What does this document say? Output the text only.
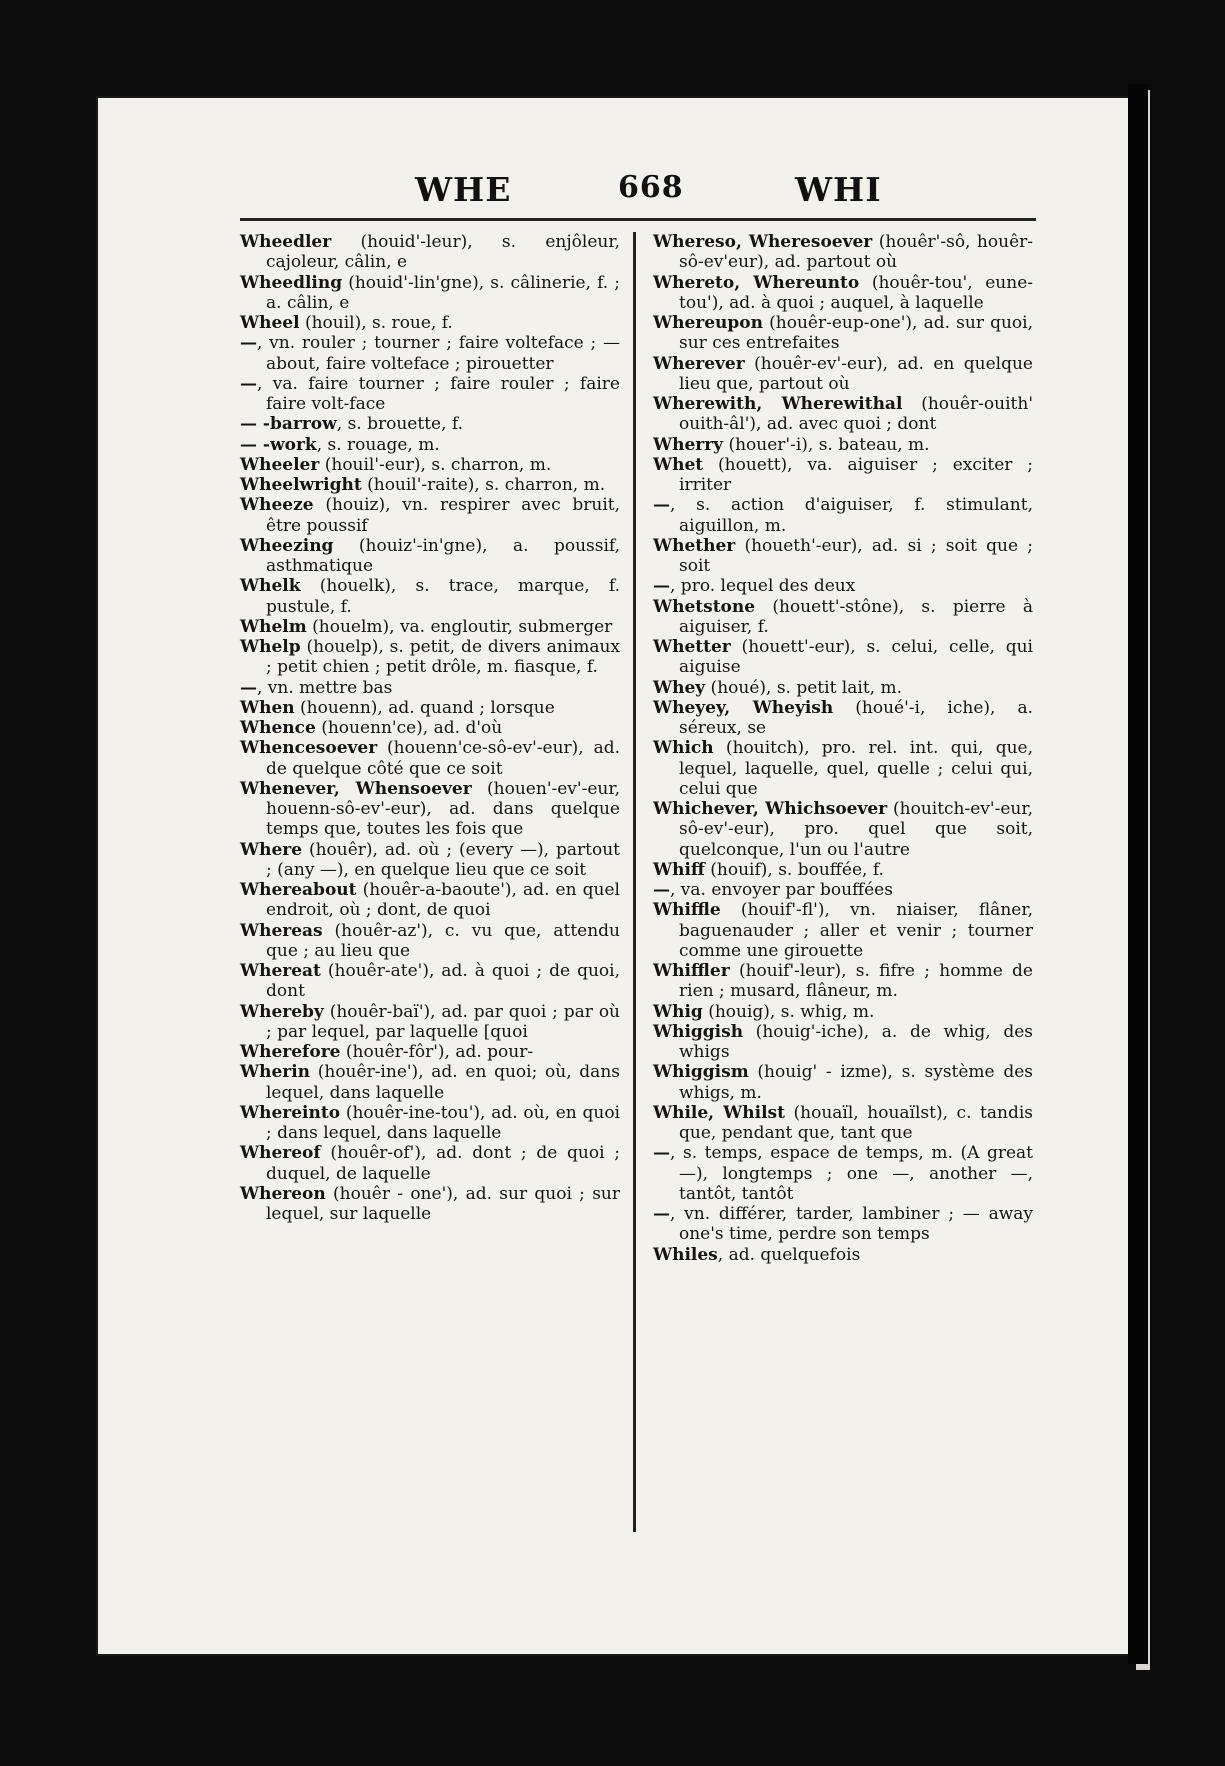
WHE	668	WHI

Wheedler (houid'-leur), s. enjôleur, cajoleur, câlin, e

Wheedling (houid'-lin'gne), s. câlinerie, f. ; a. câlin, e

Wheel (houil), s. roue, f.

—, vn. rouler ; tourner ; faire volteface ; — about, faire volteface ; pirouetter

—, va. faire tourner ; faire rouler ; faire faire volt-face

— -barrow, s. brouette, f.

— -work, s. rouage, m.

Wheeler (houil'-eur), s. charron, m.

Wheelwright (houil'-raite), s. charron, m.

Wheeze (houiz), vn. respirer avec bruit, être poussif

Wheezing (houiz'-in'gne), a. poussif, asthmatique

Whelk (houelk), s. trace, marque, f. pustule, f.

Whelm (houelm), va. engloutir, submerger

Whelp (houelp), s. petit, de divers animaux ; petit chien ; petit drôle, m. fiasque, f.

—, vn. mettre bas

When (houenn), ad. quand ; lorsque

Whence (houenn'ce), ad. d'où

Whencesoever (houenn'ce-sô-ev'-eur), ad. de quelque côté que ce soit

Whenever, Whensoever (houen'-ev'-eur, houenn-sô-ev'-eur), ad. dans quelque temps que, toutes les fois que

Where (houêr), ad. où ; (every —), partout ; (any —), en quelque lieu que ce soit

Whereabout (houêr-a-baoute'), ad. en quel endroit, où ; dont, de quoi

Whereas (houêr-az'), c. vu que, attendu que ; au lieu que

Whereat (houêr-ate'), ad. à quoi ; de quoi, dont

Whereby (houêr-baï'), ad. par quoi ; par où ; par lequel, par laquelle [quoi

Wherefore (houêr-fôr'), ad. pour-

Wherin (houêr-ine'), ad. en quoi; où, dans lequel, dans laquelle

Whereinto (houêr-ine-tou'), ad. où, en quoi ; dans lequel, dans laquelle

Whereof (houêr-of'), ad. dont ; de quoi ; duquel, de laquelle

Whereon (houêr - one'), ad. sur quoi ; sur lequel, sur laquelle

Whereso, Wheresoever (houêr'-sô, houêr-sô-ev'eur), ad. partout où

Whereto, Whereunto (houêr-tou', eune-tou'), ad. à quoi ; auquel, à laquelle

Whereupon (houêr-eup-one'), ad. sur quoi, sur ces entrefaites

Wherever (houêr-ev'-eur), ad. en quelque lieu que, partout où

Wherewith, Wherewithal (houêr-ouith' ouith-âl'), ad. avec quoi ; dont

Wherry (houer'-i), s. bateau, m.

Whet (houett), va. aiguiser ; exciter ; irriter

—, s. action d'aiguiser, f. stimulant, aiguillon, m.

Whether (houeth'-eur), ad. si ; soit que ; soit

—, pro. lequel des deux

Whetstone (houett'-stône), s. pierre à aiguiser, f.

Whetter (houett'-eur), s. celui, celle, qui aiguise

Whey (houé), s. petit lait, m.

Wheyey, Wheyish (houé'-i, iche), a. séreux, se

Which (houitch), pro. rel. int. qui, que, lequel, laquelle, quel, quelle ; celui qui, celui que

Whichever, Whichsoever (houitch-ev'-eur, sô-ev'-eur), pro. quel que soit, quelconque, l'un ou l'autre

Whiff (houif), s. bouffée, f.

—, va. envoyer par bouffées

Whiffle (houif'-fl'), vn. niaiser, flâner, baguenauder ; aller et venir ; tourner comme une girouette

Whiffler (houif'-leur), s. fifre ; homme de rien ; musard, flâneur, m.

Whig (houig), s. whig, m.

Whiggish (houig'-iche), a. de whig, des whigs

Whiggism (houig' - izme), s. système des whigs, m.

While, Whilst (houaïl, houaïlst), c. tandis que, pendant que, tant que

—, s. temps, espace de temps, m. (A great —), longtemps ; one —, another —, tantôt, tantôt

—, vn. différer, tarder, lambiner ; — away one's time, perdre son temps

Whiles, ad. quelquefois
